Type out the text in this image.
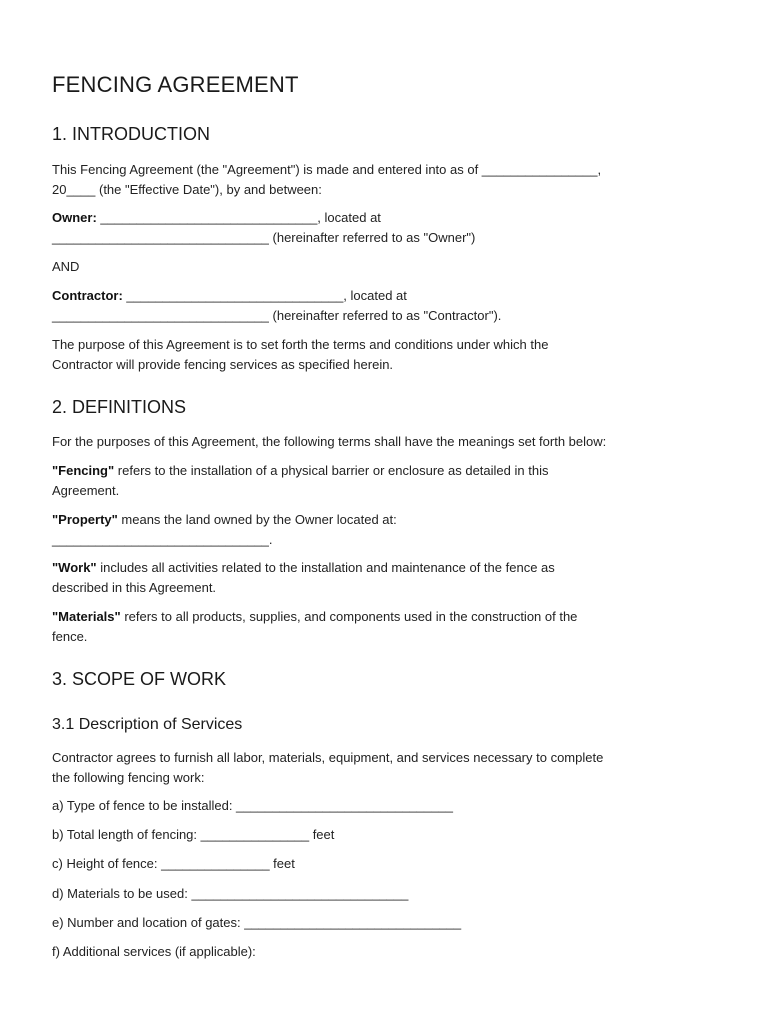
FENCING AGREEMENT
1. INTRODUCTION
This Fencing Agreement (the "Agreement") is made and entered into as of ________________,
20____ (the "Effective Date"), by and between:
Owner: ______________________________, located at
______________________________ (hereinafter referred to as "Owner")
AND
Contractor: ______________________________, located at
______________________________ (hereinafter referred to as "Contractor").
The purpose of this Agreement is to set forth the terms and conditions under which the
Contractor will provide fencing services as specified herein.
2. DEFINITIONS
For the purposes of this Agreement, the following terms shall have the meanings set forth below:
"Fencing" refers to the installation of a physical barrier or enclosure as detailed in this
Agreement.
"Property" means the land owned by the Owner located at:
______________________________.
"Work" includes all activities related to the installation and maintenance of the fence as
described in this Agreement.
"Materials" refers to all products, supplies, and components used in the construction of the
fence.
3. SCOPE OF WORK
3.1 Description of Services
Contractor agrees to furnish all labor, materials, equipment, and services necessary to complete
the following fencing work:
a) Type of fence to be installed: ______________________________
b) Total length of fencing: _______________ feet
c) Height of fence: _______________ feet
d) Materials to be used: ______________________________
e) Number and location of gates: ______________________________
f) Additional services (if applicable):
